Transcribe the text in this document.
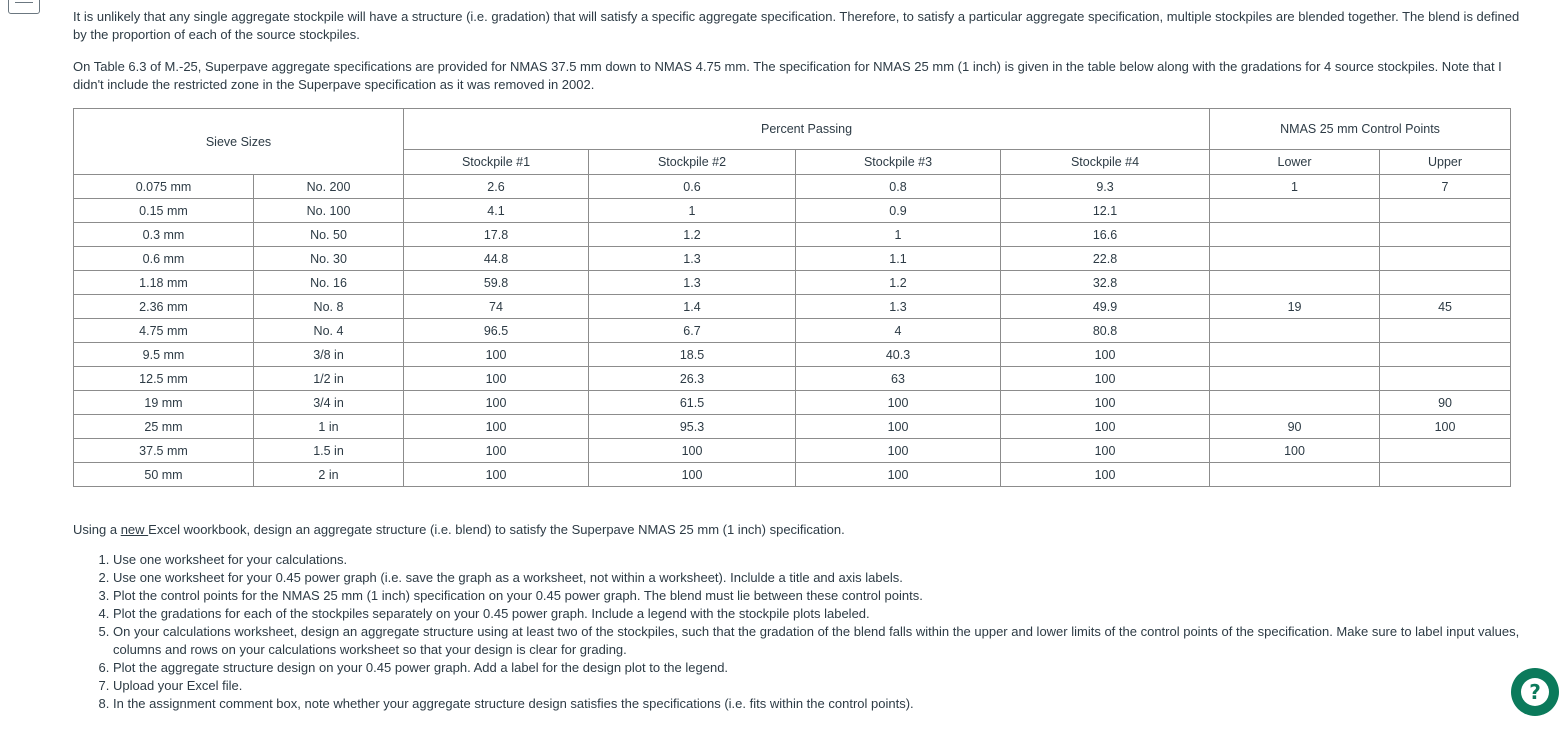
It is unlikely that any single aggregate stockpile will have a structure (i.e. gradation) that will satisfy a specific aggregate specification. Therefore, to satisfy a particular aggregate specification, multiple stockpiles are blended together. The blend is defined by the proportion of each of the source stockpiles.

On Table 6.3 of M.-25, Superpave aggregate specifications are provided for NMAS 37.5 mm down to NMAS 4.75 mm. The specification for NMAS 25 mm (1 inch) is given in the table below along with the gradations for 4 source stockpiles. Note that I didn't include the restricted zone in the Superpave specification as it was removed in 2002.

Sieve Sizes		Percent Passing				NMAS 25 mm Control Points	
		Stockpile #1	Stockpile #2	Stockpile #3	Stockpile #4	Lower	Upper
0.075 mm	No. 200	2.6	0.6	0.8	9.3	1	7
0.15 mm	No. 100	4.1	1	0.9	12.1		
0.3 mm	No. 50	17.8	1.2	1	16.6		
0.6 mm	No. 30	44.8	1.3	1.1	22.8		
1.18 mm	No. 16	59.8	1.3	1.2	32.8		
2.36 mm	No. 8	74	1.4	1.3	49.9	19	45
4.75 mm	No. 4	96.5	6.7	4	80.8		
9.5 mm	3/8 in	100	18.5	40.3	100		
12.5 mm	1/2 in	100	26.3	63	100		
19 mm	3/4 in	100	61.5	100	100		90
25 mm	1 in	100	95.3	100	100	90	100
37.5 mm	1.5 in	100	100	100	100	100	
50 mm	2 in	100	100	100	100		

Using a new Excel woorkbook, design an aggregate structure (i.e. blend) to satisfy the Superpave NMAS 25 mm (1 inch) specification.

1. Use one worksheet for your calculations.
2. Use one worksheet for your 0.45 power graph (i.e. save the graph as a worksheet, not within a worksheet). Inclulde a title and axis labels.
3. Plot the control points for the NMAS 25 mm (1 inch) specification on your 0.45 power graph. The blend must lie between these control points.
4. Plot the gradations for each of the stockpiles separately on your 0.45 power graph. Include a legend with the stockpile plots labeled.
5. On your calculations worksheet, design an aggregate structure using at least two of the stockpiles, such that the gradation of the blend falls within the upper and lower limits of the control points of the specification. Make sure to label input values, columns and rows on your calculations worksheet so that your design is clear for grading.
6. Plot the aggregate structure design on your 0.45 power graph. Add a label for the design plot to the legend.
7. Upload your Excel file.
8. In the assignment comment box, note whether your aggregate structure design satisfies the specifications (i.e. fits within the control points).	?
